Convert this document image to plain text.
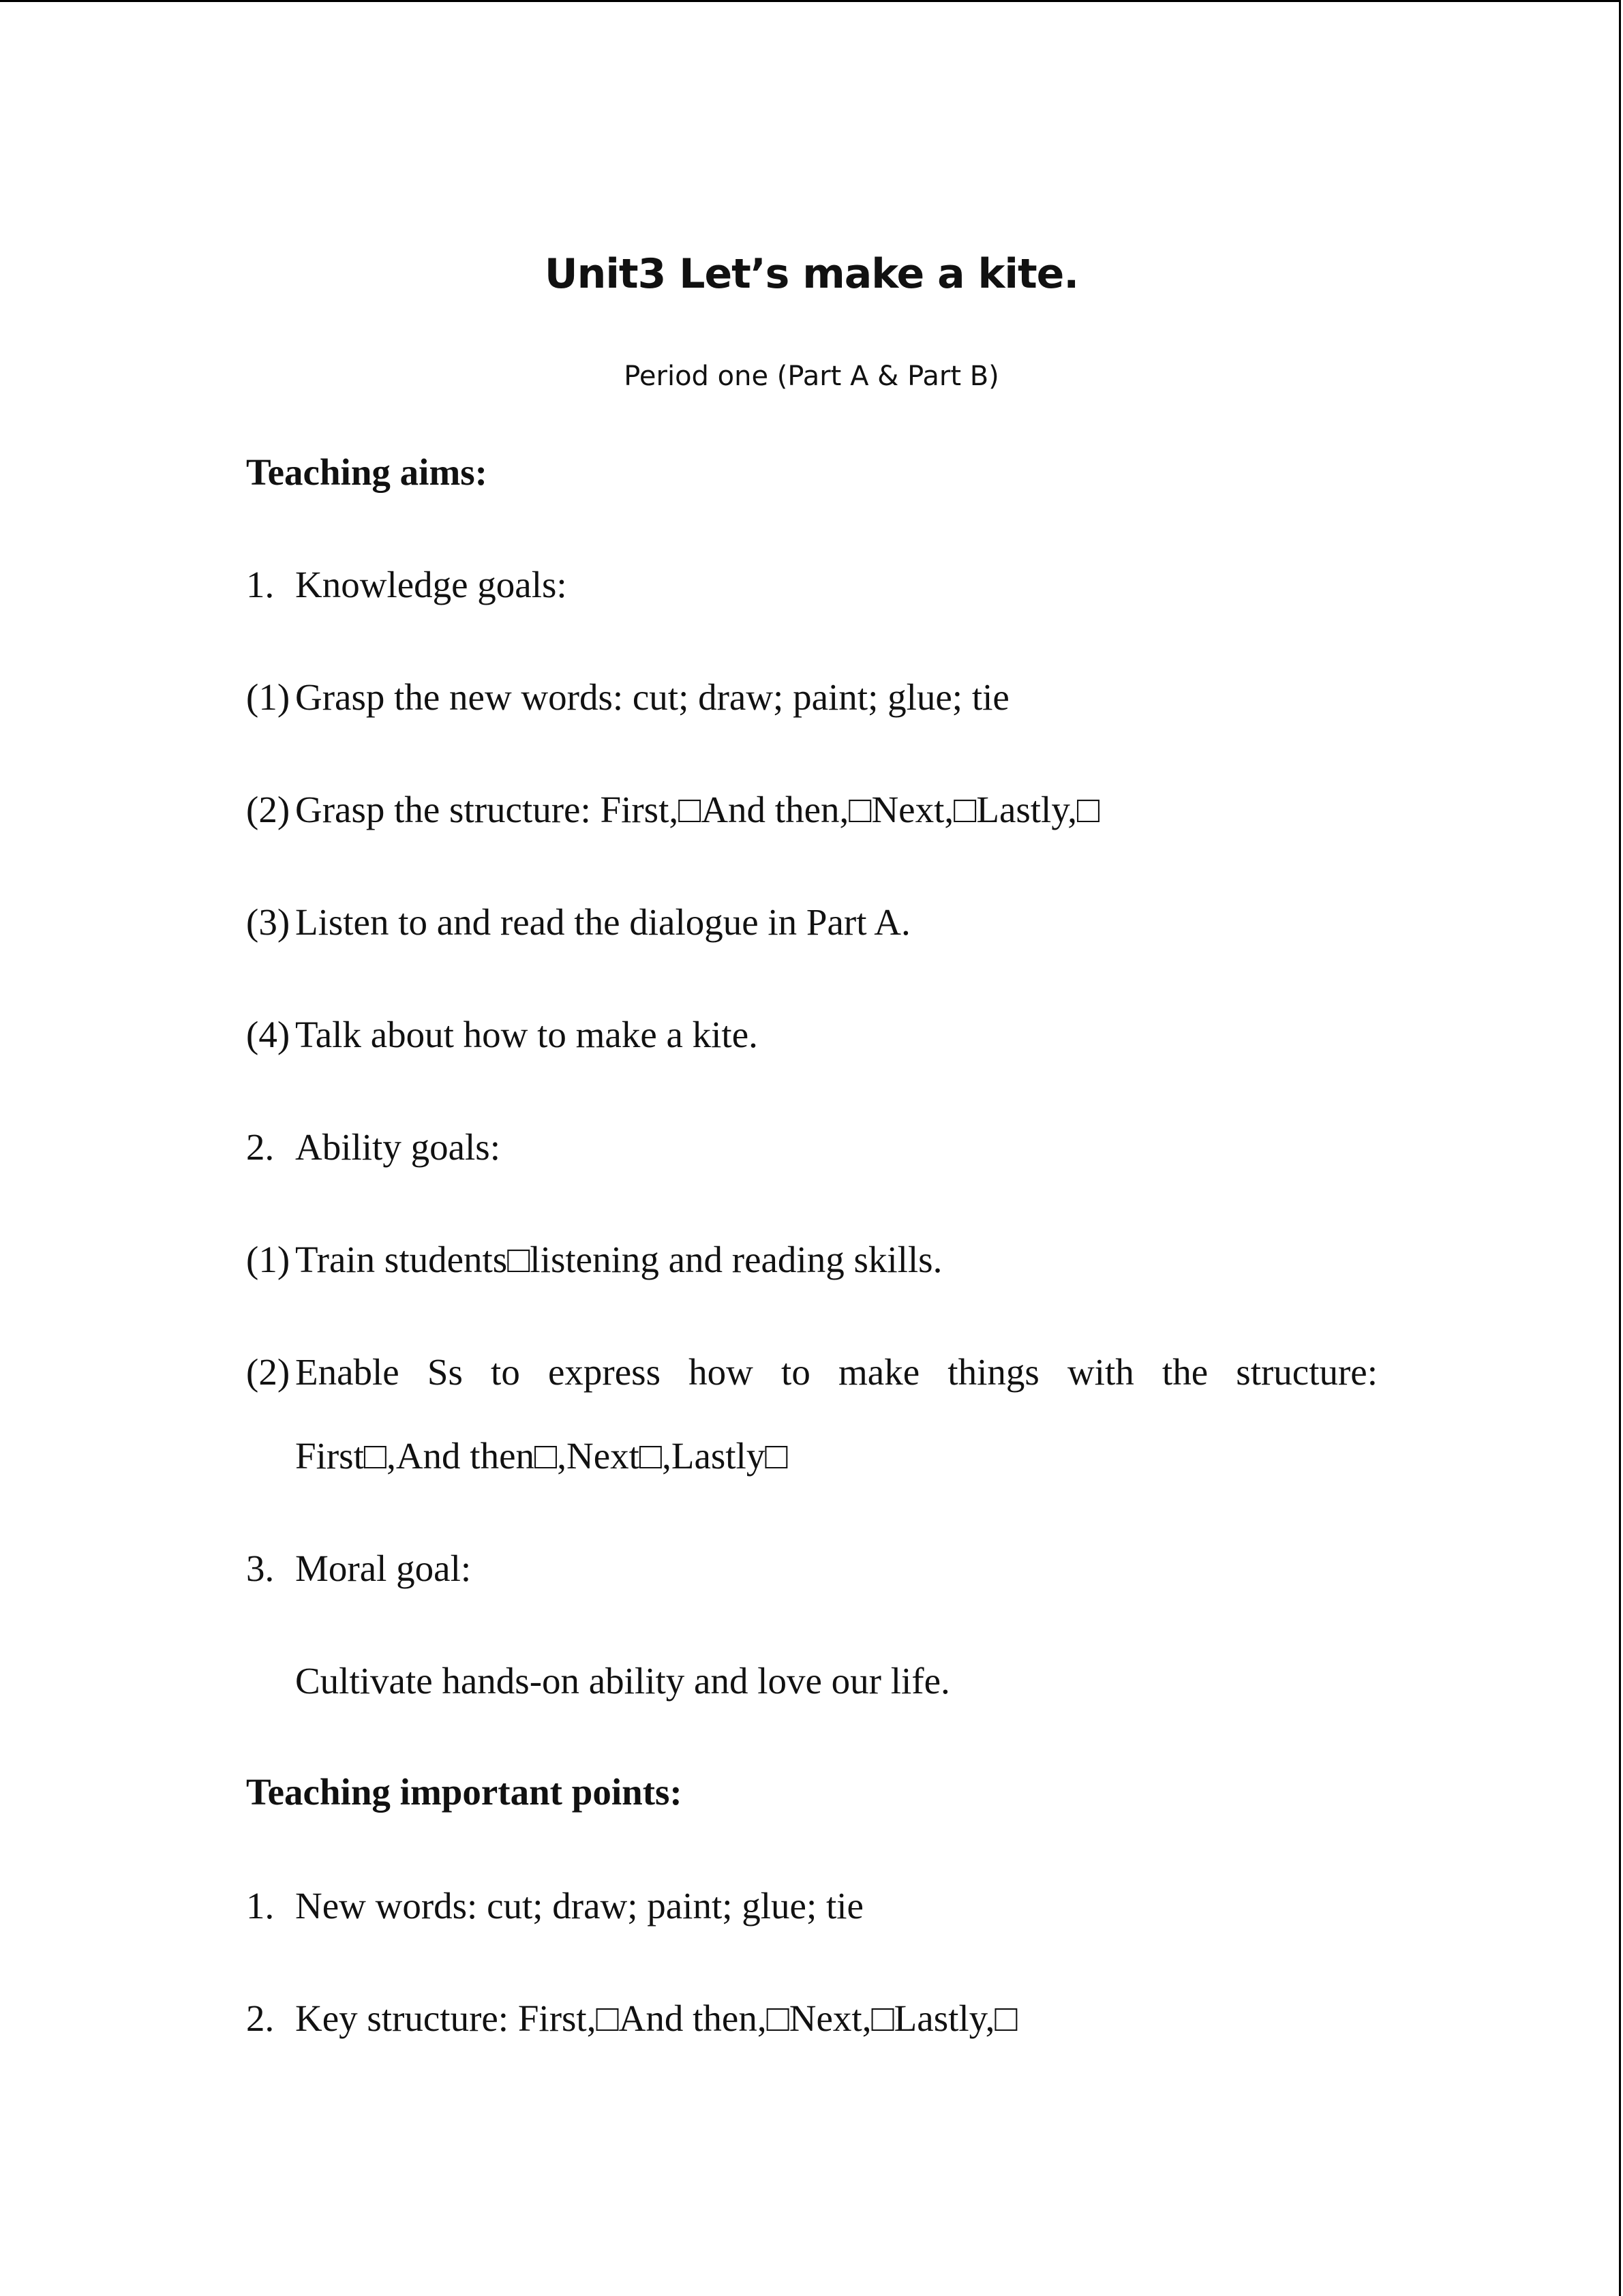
Unit3 Let’s make a kite.
Period one (Part A & Part B)
Teaching aims:
1. Knowledge goals:
(1) Grasp the new words: cut; draw; paint; glue; tie
(2) Grasp the structure: First,□And then,□Next,□Lastly,□
(3) Listen to and read the dialogue in Part A.
(4) Talk about how to make a kite.
2. Ability goals:
(1) Train students□listening and reading skills.
(2) Enable Ss to express how to make things with the structure:
First□,And then□,Next□,Lastly□
3. Moral goal:
Cultivate hands-on ability and love our life.
Teaching important points:
1. New words: cut; draw; paint; glue; tie
2. Key structure: First,□And then,□Next,□Lastly,□
